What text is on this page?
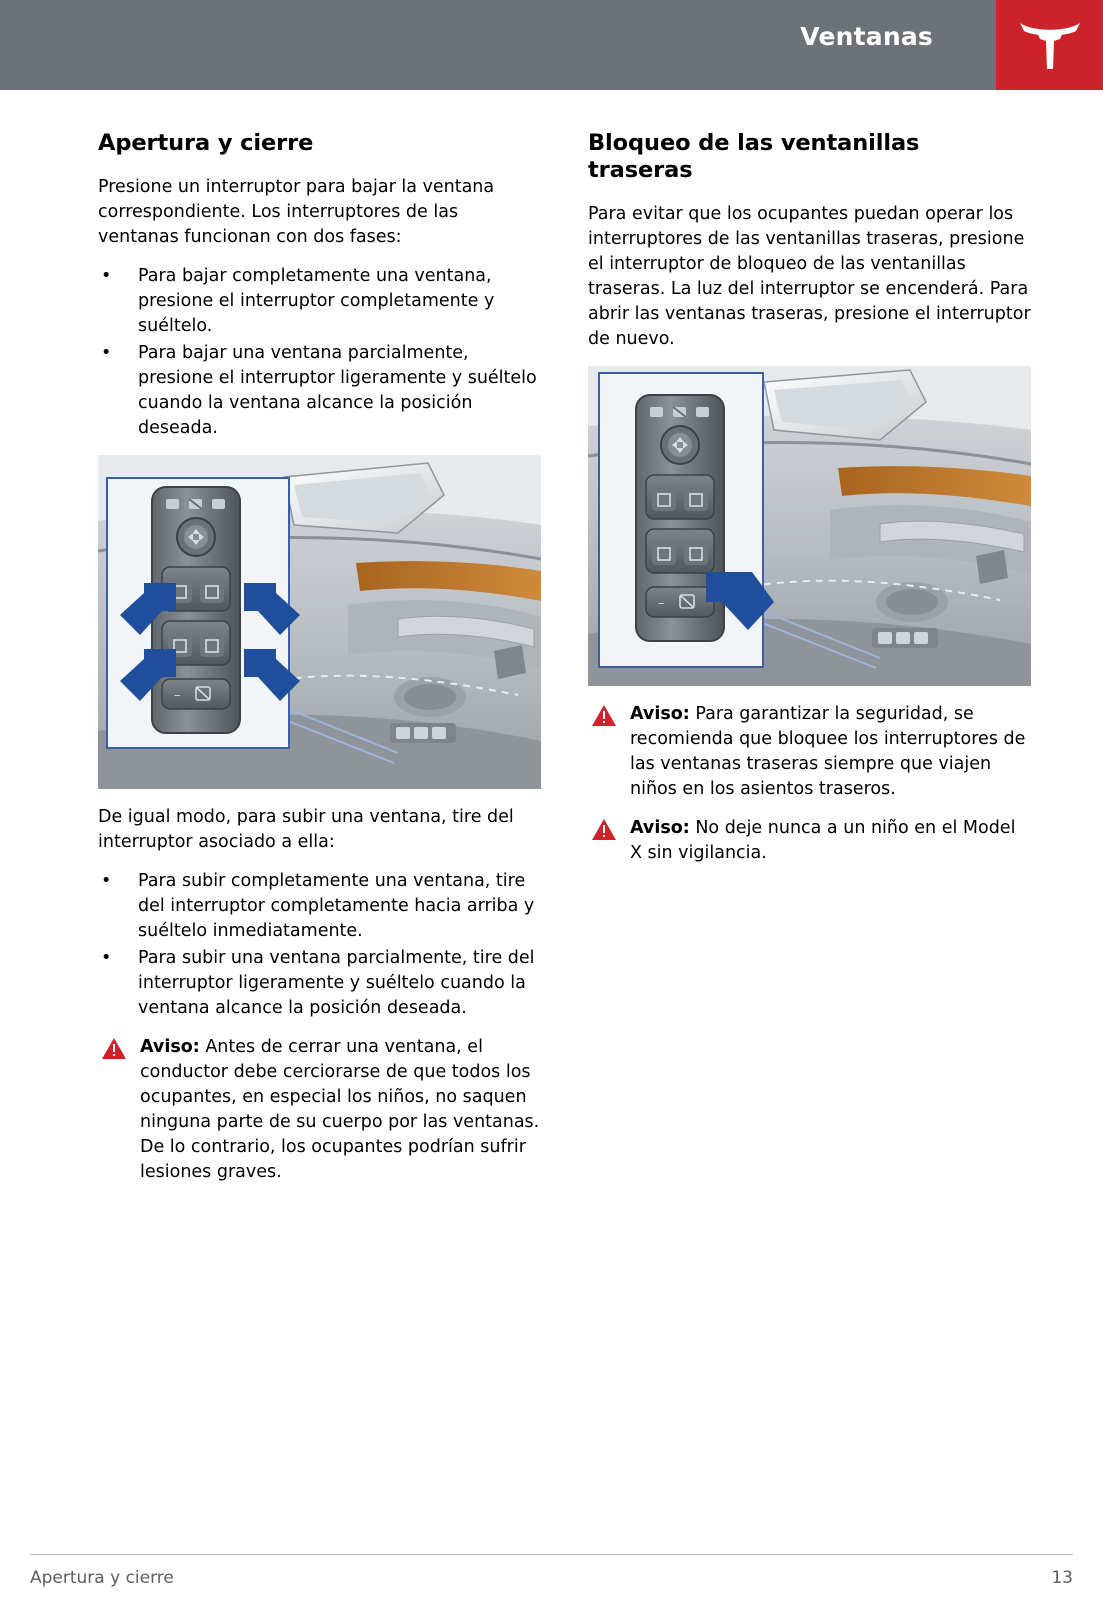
Ventanas
Apertura y cierre

Presione un interruptor para bajar la ventana correspondiente. Los interruptores de las ventanas funcionan con dos fases:

• Para bajar completamente una ventana, presione el interruptor completamente y suéltelo.
• Para bajar una ventana parcialmente, presione el interruptor ligeramente y suéltelo cuando la ventana alcance la posición deseada.
–

De igual modo, para subir una ventana, tire del interruptor asociado a ella:

• Para subir completamente una ventana, tire del interruptor completamente hacia arriba y suéltelo inmediatamente.
• Para subir una ventana parcialmente, tire del interruptor ligeramente y suéltelo cuando la ventana alcance la posición deseada.
Aviso: Antes de cerrar una ventana, el conductor debe cerciorarse de que todos los ocupantes, en especial los niños, no saquen ninguna parte de su cuerpo por las ventanas. De lo contrario, los ocupantes podrían sufrir lesiones graves.
Bloqueo de las ventanillas traseras

Para evitar que los ocupantes puedan operar los interruptores de las ventanillas traseras, presione el interruptor de bloqueo de las ventanillas traseras. La luz del interruptor se encenderá. Para abrir las ventanas traseras, presione el interruptor de nuevo.

–
Aviso: Para garantizar la seguridad, se recomienda que bloquee los interruptores de las ventanas traseras siempre que viajen niños en los asientos traseros.
Aviso: No deje nunca a un niño en el Model X sin vigilancia.
Apertura y cierre	13
